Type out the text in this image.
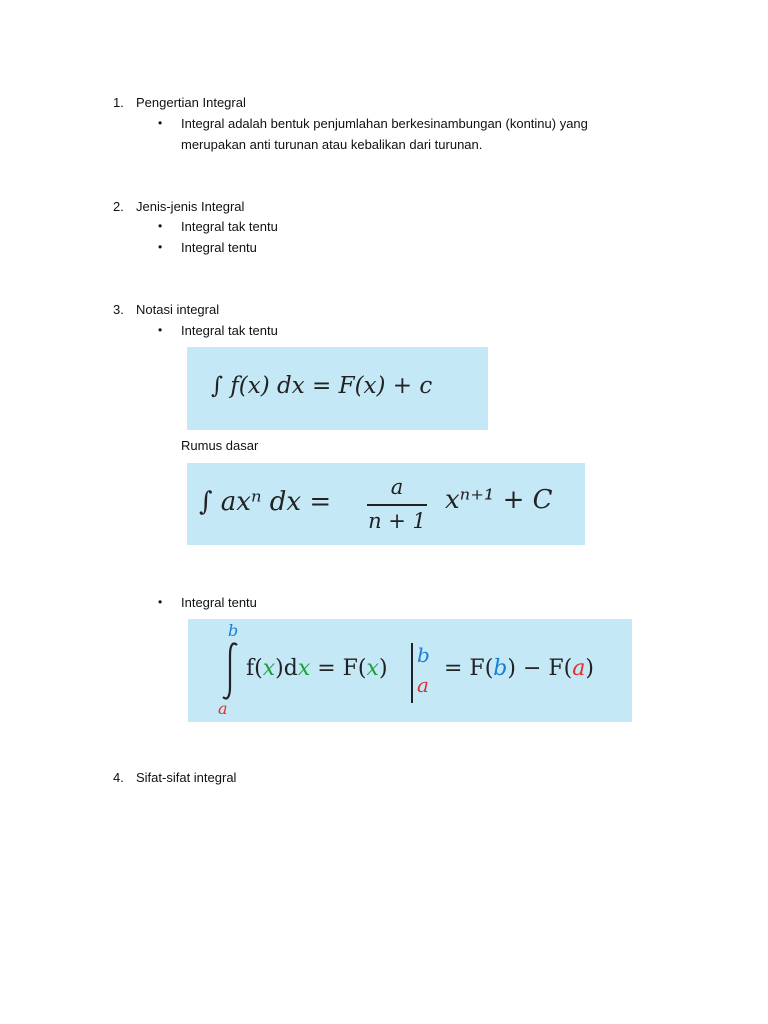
1. Pengertian Integral
• Integral adalah bentuk penjumlahan berkesinambungan (kontinu) yang
merupakan anti turunan atau kebalikan dari turunan.
2. Jenis-jenis Integral
• Integral tak tentu
• Integral tentu
3. Notasi integral
• Integral tak tentu
∫ f(x) dx = F(x) + c
Rumus dasar
∫ axⁿ dx =	a
n + 1
xⁿ⁺¹ + C
• Integral tentu
b
a
f(x)dx = F(x)
b
a
= F(b) − F(a)
4. Sifat-sifat integral
